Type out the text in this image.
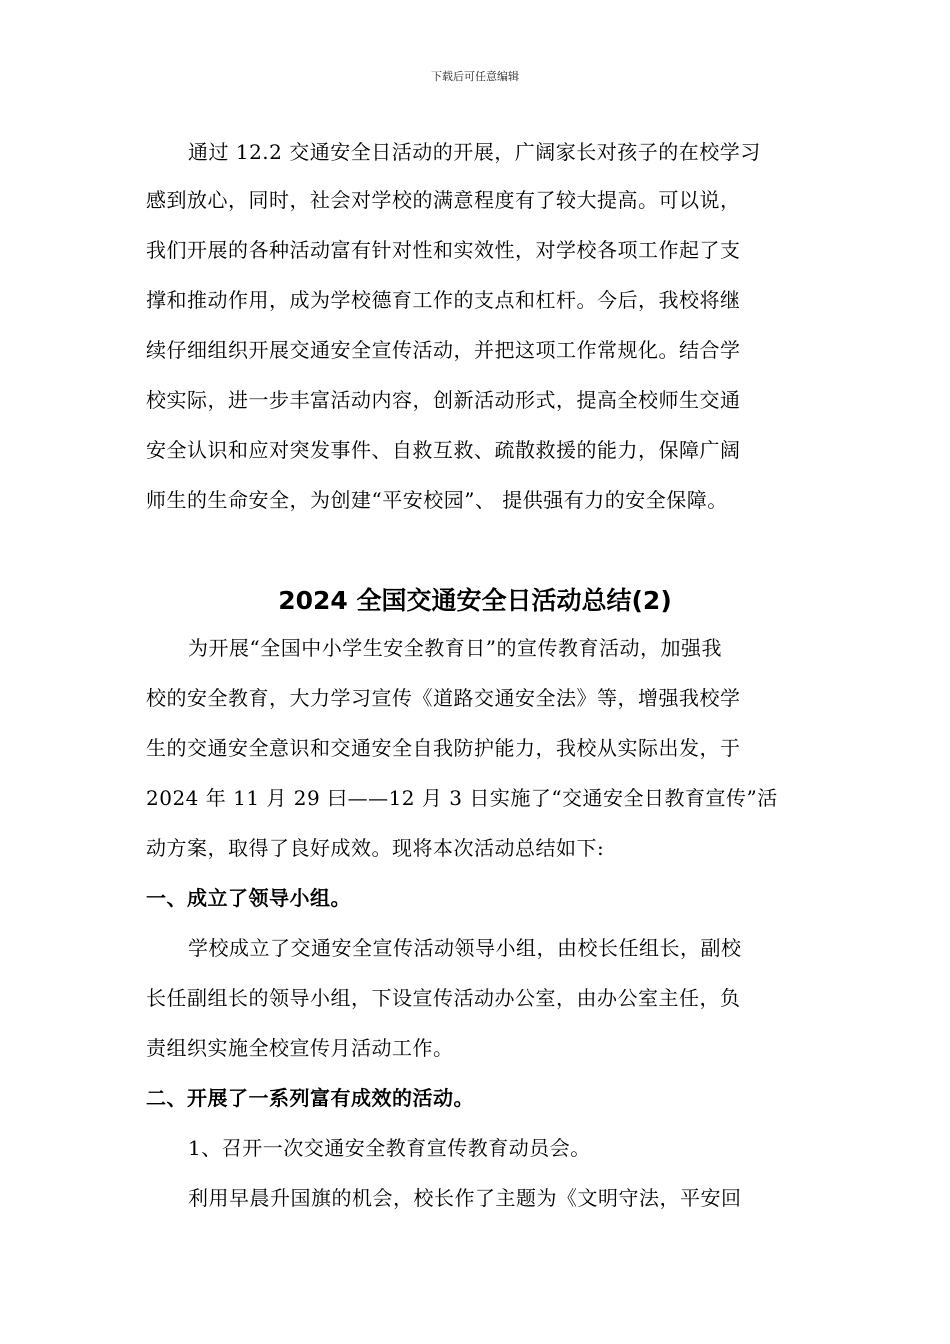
下载后可任意编辑
通过 12.2 交通安全日活动的开展，广阔家长对孩子的在校学习
感到放心，同时，社会对学校的满意程度有了较大提高。可以说，
我们开展的各种活动富有针对性和实效性，对学校各项工作起了支
撑和推动作用，成为学校德育工作的支点和杠杆。今后，我校将继
续仔细组织开展交通安全宣传活动，并把这项工作常规化。结合学
校实际，进一步丰富活动内容，创新活动形式，提高全校师生交通
安全认识和应对突发事件、自救互救、疏散救援的能力，保障广阔
师生的生命安全，为创建“平安校园”、 提供强有力的安全保障。
2024 全国交通安全日活动总结(2)
为开展“全国中小学生安全教育日”的宣传教育活动，加强我
校的安全教育，大力学习宣传《道路交通安全法》等，增强我校学
生的交通安全意识和交通安全自我防护能力，我校从实际出发，于
2024 年 11 月 29 曰——12 月 3 日实施了“交通安全日教育宣传”活
动方案，取得了良好成效。现将本次活动总结如下:
一、成立了领导小组。
学校成立了交通安全宣传活动领导小组，由校长任组长，副校
长任副组长的领导小组，下设宣传活动办公室，由办公室主任，负
责组织实施全校宣传月活动工作。
二、开展了一系列富有成效的活动。
1、召开一次交通安全教育宣传教育动员会。
利用早晨升国旗的机会，校长作了主题为《文明守法，平安回
